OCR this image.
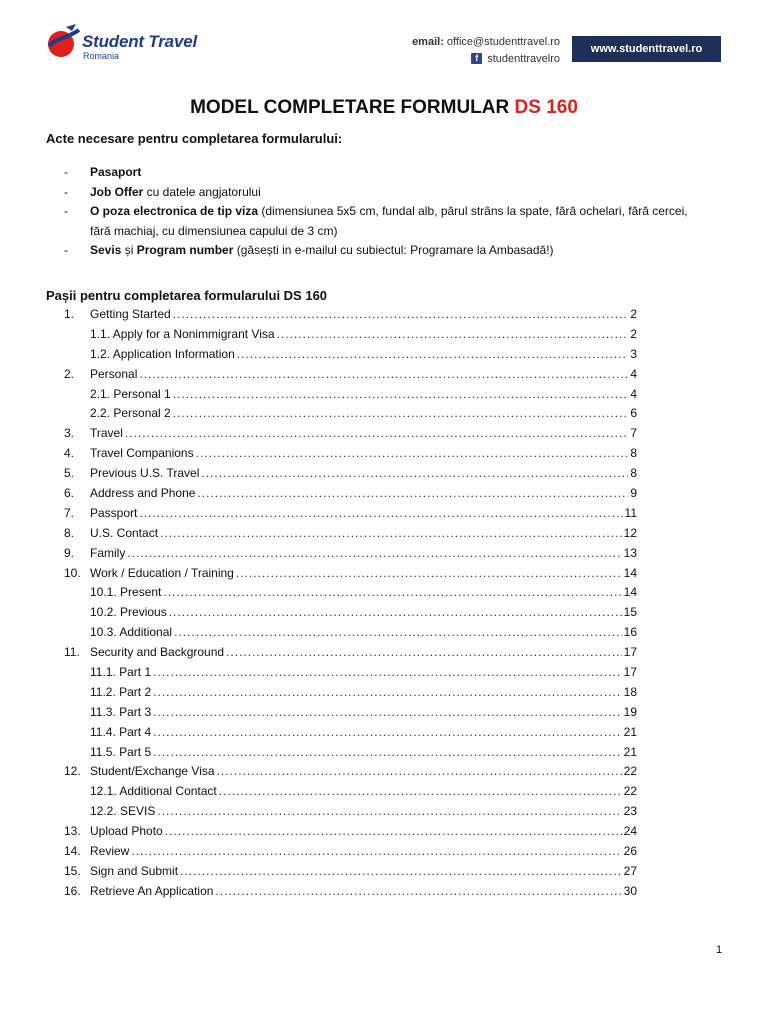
Student Travel
Romania
email: office@studenttravel.ro
f studenttravelro
www.studenttravel.ro
MODEL COMPLETARE FORMULAR DS 160
Acte necesare pentru completarea formularului:
- Pasaport
- Job Offer cu datele angjatorului
- O poza electronica de tip viza (dimensiunea 5x5 cm, fundal alb, părul strâns la spate, fără ochelari, fără cercei, fără machiaj, cu dimensiunea capului de 3 cm)
- Sevis și Program number (găsești in e-mailul cu subiectul: Programare la Ambasadă!)
Pașii pentru completarea formularului DS 160
1.	Getting Started .....	2
1.1. Apply for a Nonimmigrant Visa .....	2
1.2. Application Information .....	3
2.	Personal .....	4
2.1. Personal 1 .....	4
2.2. Personal 2 .....	6
3.	Travel .....	7
4.	Travel Companions .....	8
5.	Previous U.S. Travel .....	8
6.	Address and Phone .....	9
7.	Passport .....	11
8.	U.S. Contact .....	12
9.	Family .....	13
10. Work / Education / Training .....	14
10.1. Present .....	14
10.2. Previous .....	15
10.3. Additional .....	16
11. Security and Background .....	17
11.1. Part 1 .....	17
11.2. Part 2 .....	18
11.3. Part 3 .....	19
11.4. Part 4 .....	21
11.5. Part 5 .....	21
12. Student/Exchange Visa .....	22
12.1. Additional Contact .....	22
12.2. SEVIS .....	23
13. Upload Photo .....	24
14. Review .....	26
15. Sign and Submit .....	27
16. Retrieve An Application .....	30
1
